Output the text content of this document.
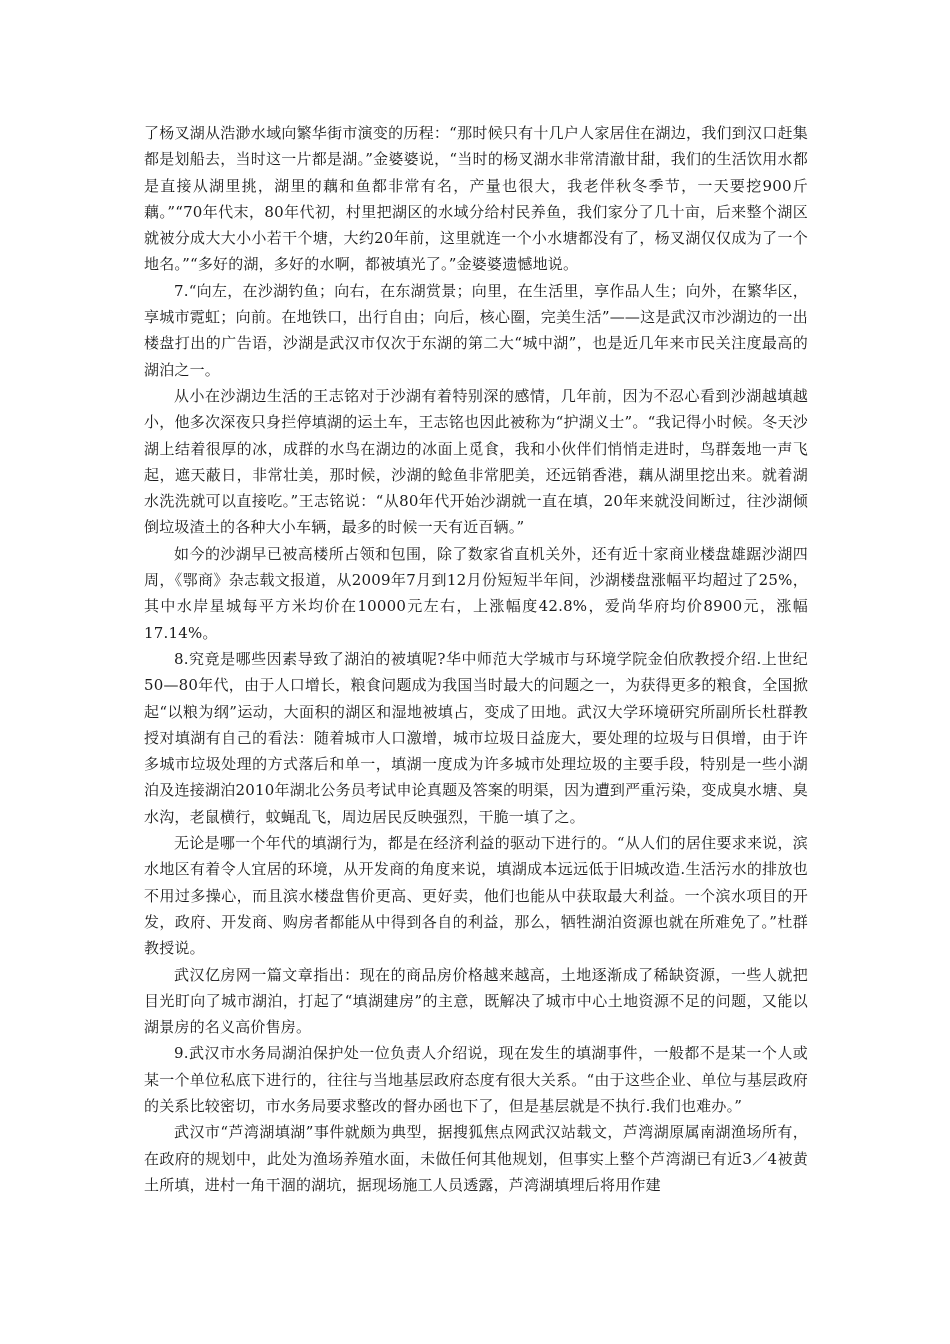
了杨叉湖从浩渺水域向繁华街市演变的历程：“那时候只有十几户人家居住在湖边，我们到汉口赶集都是划船去，当时这一片都是湖。”金婆婆说，“当时的杨叉湖水非常清澈甘甜，我们的生活饮用水都是直接从湖里挑，湖里的藕和鱼都非常有名，产量也很大，我老伴秋冬季节，一天要挖900斤藕。”“70年代末，80年代初，村里把湖区的水域分给村民养鱼，我们家分了几十亩，后来整个湖区就被分成大大小小若干个塘，大约20年前，这里就连一个小水塘都没有了，杨叉湖仅仅成为了一个地名。”“多好的湖，多好的水啊，都被填光了。”金婆婆遗憾地说。

7.“向左，在沙湖钓鱼；向右，在东湖赏景；向里，在生活里，享作品人生；向外，在繁华区，享城市霓虹；向前。在地铁口，出行自由；向后，核心圈，完美生活”——这是武汉市沙湖边的一出楼盘打出的广告语，沙湖是武汉市仅次于东湖的第二大“城中湖”，也是近几年来市民关注度最高的湖泊之一。

从小在沙湖边生活的王志铭对于沙湖有着特别深的感情，几年前，因为不忍心看到沙湖越填越小，他多次深夜只身拦停填湖的运土车，王志铭也因此被称为“护湖义士”。“我记得小时候。冬天沙湖上结着很厚的冰，成群的水鸟在湖边的冰面上觅食，我和小伙伴们悄悄走进时，鸟群轰地一声飞起，遮天蔽日，非常壮美，那时候，沙湖的鲶鱼非常肥美，还远销香港，藕从湖里挖出来。就着湖水洗洗就可以直接吃。”王志铭说：“从80年代开始沙湖就一直在填，20年来就没间断过，往沙湖倾倒垃圾渣土的各种大小车辆，最多的时候一天有近百辆。”

如今的沙湖早已被高楼所占领和包围，除了数家省直机关外，还有近十家商业楼盘雄踞沙湖四周，《鄂商》杂志载文报道，从2009年7月到12月份短短半年间，沙湖楼盘涨幅平均超过了25%，其中水岸星城每平方米均价在10000元左右，上涨幅度42.8%，爱尚华府均价8900元，涨幅17.14%。

8.究竟是哪些因素导致了湖泊的被填呢?华中师范大学城市与环境学院金伯欣教授介绍.上世纪50—80年代，由于人口增长，粮食问题成为我国当时最大的问题之一，为获得更多的粮食，全国掀起“以粮为纲”运动，大面积的湖区和湿地被填占，变成了田地。武汉大学环境研究所副所长杜群教授对填湖有自己的看法：随着城市人口激增，城市垃圾日益庞大，要处理的垃圾与日俱增，由于许多城市垃圾处理的方式落后和单一，填湖一度成为许多城市处理垃圾的主要手段，特别是一些小湖泊及连接湖泊2010年湖北公务员考试申论真题及答案的明渠，因为遭到严重污染，变成臭水塘、臭水沟，老鼠横行，蚊蝇乱飞，周边居民反映强烈，干脆一填了之。

无论是哪一个年代的填湖行为，都是在经济利益的驱动下进行的。“从人们的居住要求来说，滨水地区有着令人宜居的环境，从开发商的角度来说，填湖成本远远低于旧城改造.生活污水的排放也不用过多操心，而且滨水楼盘售价更高、更好卖，他们也能从中获取最大利益。一个滨水项目的开发，政府、开发商、购房者都能从中得到各自的利益，那么，牺牲湖泊资源也就在所难免了。”杜群教授说。

武汉亿房网一篇文章指出：现在的商品房价格越来越高，土地逐渐成了稀缺资源，一些人就把目光盯向了城市湖泊，打起了“填湖建房”的主意，既解决了城市中心土地资源不足的问题，又能以湖景房的名义高价售房。

9.武汉市水务局湖泊保护处一位负责人介绍说，现在发生的填湖事件，一般都不是某一个人或某一个单位私底下进行的，往往与当地基层政府态度有很大关系。“由于这些企业、单位与基层政府的关系比较密切，市水务局要求整改的督办函也下了，但是基层就是不执行.我们也难办。”

武汉市“芦湾湖填湖”事件就颇为典型，据搜狐焦点网武汉站载文，芦湾湖原属南湖渔场所有，在政府的规划中，此处为渔场养殖水面，未做任何其他规划，但事实上整个芦湾湖已有近3／4被黄土所填，进村一角干涸的湖坑，据现场施工人员透露，芦湾湖填埋后将用作建
